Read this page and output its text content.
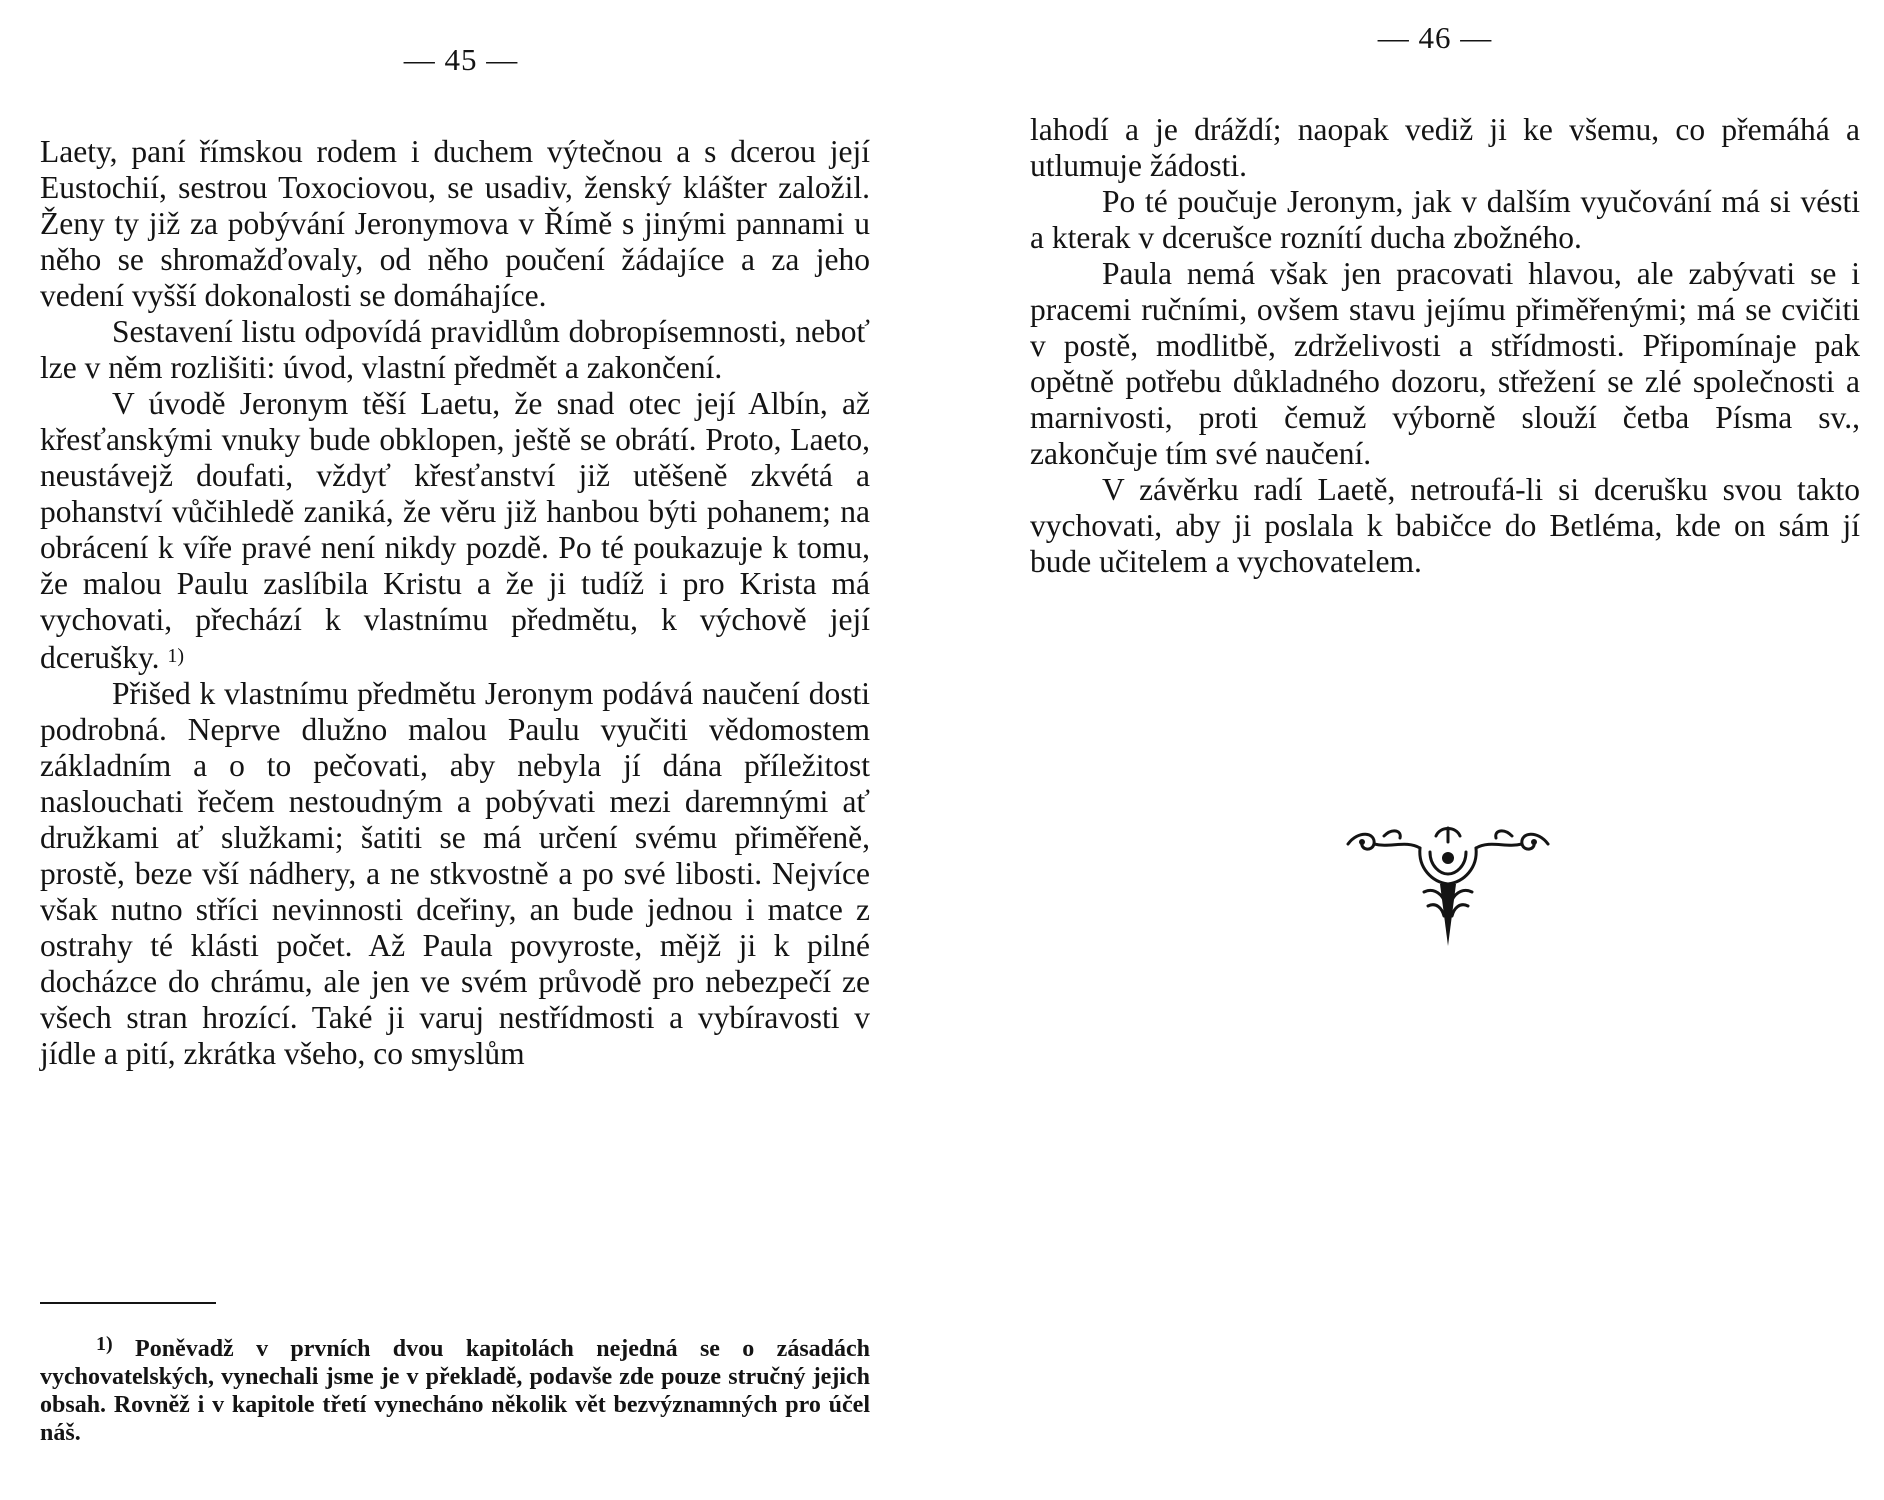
— 45 —

Laety, paní římskou rodem i duchem výtečnou a s dcerou její Eustochií, sestrou Toxociovou, se usadiv, ženský klášter založil. Ženy ty již za pobývání Jeronymova v Římě s jinými pannami u něho se shromažďovaly, od něho poučení žádajíce a za jeho vedení vyšší dokonalosti se domáhajíce.

Sestavení listu odpovídá pravidlům dobropísemnosti, neboť lze v něm rozlišiti: úvod, vlastní předmět a zakončení.

V úvodě Jeronym těší Laetu, že snad otec její Albín, až křesťanskými vnuky bude obklopen, ještě se obrátí. Proto, Laeto, neustávejž doufati, vždyť křesťanství již utěšeně zkvétá a pohanství vůčihledě zaniká, že věru již hanbou býti pohanem; na obrácení k víře pravé není nikdy pozdě. Po té poukazuje k tomu, že malou Paulu zaslíbila Kristu a že ji tudíž i pro Krista má vychovati, přechází k vlastnímu předmětu, k výchově její dcerušky. $^{1)}$

Přišed k vlastnímu předmětu Jeronym podává naučení dosti podrobná. Neprve dlužno malou Paulu vyučiti vědomostem základním a o to pečovati, aby nebyla jí dána příležitost naslouchati řečem nestoudným a pobývati mezi daremnými ať družkami ať služkami; šatiti se má určení svému přiměřeně, prostě, beze vší nádhery, a ne stkvostně a po své libosti. Nejvíce však nutno stříci nevinnosti dceřiny, an bude jednou i matce z ostrahy té klásti počet. Až Paula povyroste, mějž ji k pilné docházce do chrámu, ale jen ve svém průvodě pro nebezpečí ze všech stran hrozící. Také ji varuj nestřídmosti a vybíravosti v jídle a pití, zkrátka všeho, co smyslům

$^{1)}$ Poněvadž v prvních dvou kapitolách nejedná se o zásadách vychovatelských, vynechali jsme je v překladě, podavše zde pouze stručný jejich obsah. Rovněž i v kapitole třetí vynecháno několik vět bezvýznamných pro účel náš.

— 46 —

lahodí a je dráždí; naopak vediž ji ke všemu, co přemáhá a utlumuje žádosti.

Po té poučuje Jeronym, jak v dalším vyučování má si vésti a kterak v dcerušce roznítí ducha zbožného.

Paula nemá však jen pracovati hlavou, ale zabývati se i pracemi ručními, ovšem stavu jejímu přiměřenými; má se cvičiti v postě, modlitbě, zdrželivosti a střídmosti. Připomínaje pak opětně potřebu důkladného dozoru, střežení se zlé společnosti a marnivosti, proti čemuž výborně slouží četba Písma sv., zakončuje tím své naučení.

V závěrku radí Laetě, netroufá-li si dcerušku svou takto vychovati, aby ji poslala k babičce do Betléma, kde on sám jí bude učitelem a vychovatelem.
